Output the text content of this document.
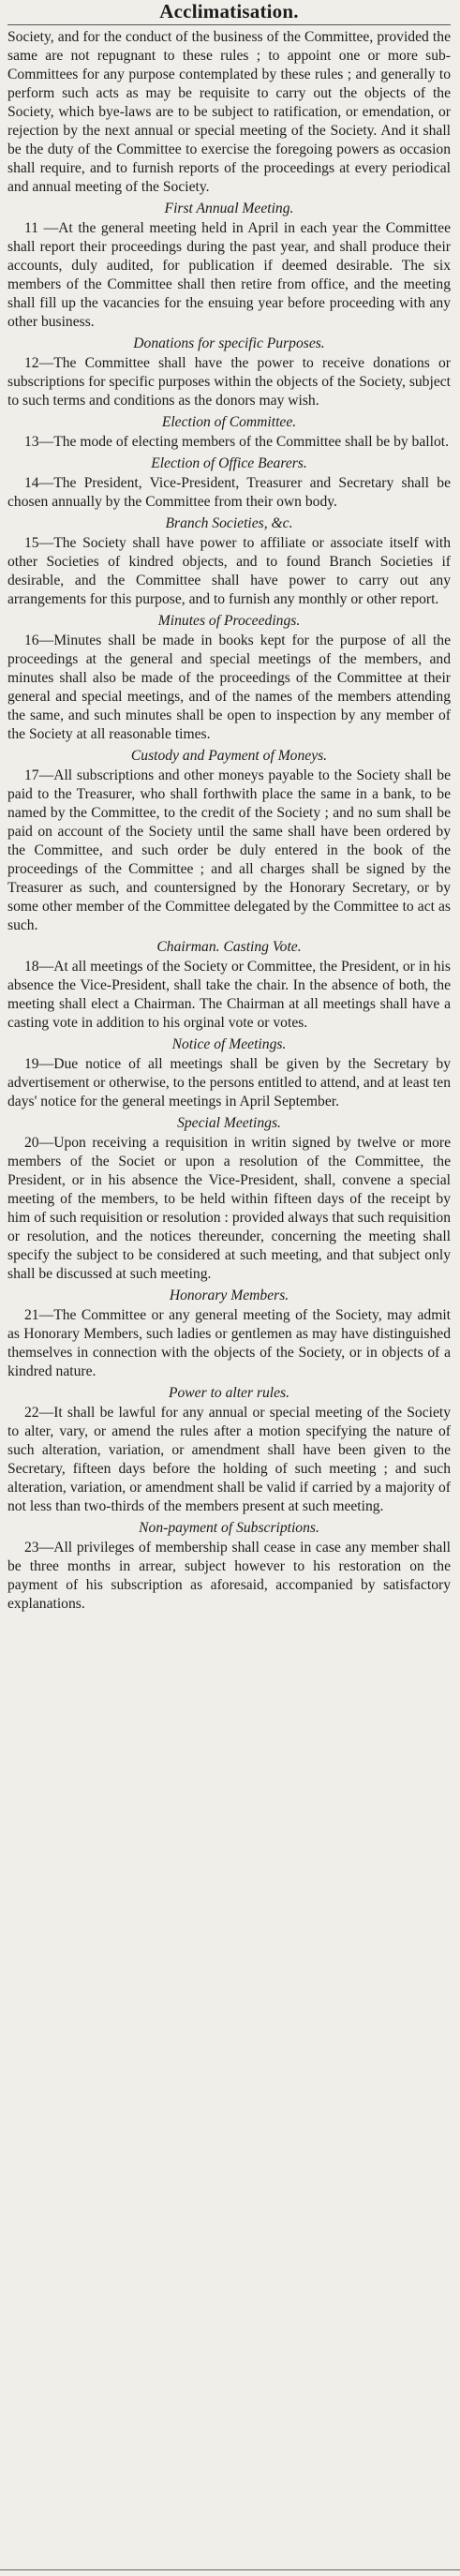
Acclimatisation.

Society, and for the conduct of the business of the Committee, provided the same are not repugnant to these rules ; to appoint one or more sub-Committees for any purpose contemplated by these rules ; and generally to perform such acts as may be requisite to carry out the objects of the Society, which bye-laws are to be subject to ratification, or emendation, or rejection by the next annual or special meeting of the Society. And it shall be the duty of the Committee to exercise the foregoing powers as occasion shall require, and to furnish reports of the proceedings at every periodical and annual meeting of the Society.

First Annual Meeting.

11 —At the general meeting held in April in each year the Committee shall report their proceedings during the past year, and shall produce their accounts, duly audited, for publication if deemed desirable. The six members of the Committee shall then retire from office, and the meeting shall fill up the vacancies for the ensuing year before proceeding with any other business.

Donations for specific Purposes.

12—The Committee shall have the power to receive donations or subscriptions for specific purposes within the objects of the Society, subject to such terms and conditions as the donors may wish.

Election of Committee.

13—The mode of electing members of the Committee shall be by ballot.

Election of Office Bearers.

14—The President, Vice-President, Treasurer and Secretary shall be chosen annually by the Committee from their own body.

Branch Societies, &c.

15—The Society shall have power to affiliate or associate itself with other Societies of kindred objects, and to found Branch Societies if desirable, and the Committee shall have power to carry out any arrangements for this purpose, and to furnish any monthly or other report.

Minutes of Proceedings.

16—Minutes shall be made in books kept for the purpose of all the proceedings at the general and special meetings of the members, and minutes shall also be made of the proceedings of the Committee at their general and special meetings, and of the names of the members attending the same, and such minutes shall be open to inspection by any member of the Society at all reasonable times.

Custody and Payment of Moneys.

17—All subscriptions and other moneys payable to the Society shall be paid to the Treasurer, who shall forthwith place the same in a bank, to be named by the Committee, to the credit of the Society ; and no sum shall be paid on account of the Society until the same shall have been ordered by the Committee, and such order be duly entered in the book of the proceedings of the Committee ; and all charges shall be signed by the Treasurer as such, and countersigned by the Honorary Secretary, or by some other member of the Committee delegated by the Committee to act as such.

Chairman. Casting Vote.

18—At all meetings of the Society or Committee, the President, or in his absence the Vice-President, shall take the chair. In the absence of both, the meeting shall elect a Chairman. The Chairman at all meetings shall have a casting vote in addition to his orginal vote or votes.

Notice of Meetings.

19—Due notice of all meetings shall be given by the Secretary by advertisement or otherwise, to the persons entitled to attend, and at least ten days' notice for the general meetings in April September.

Special Meetings.

20—Upon receiving a requisition in writin signed by twelve or more members of the Societ or upon a resolution of the Committee, the President, or in his absence the Vice-President, shall, convene a special meeting of the members, to be held within fifteen days of the receipt by him of such requisition or resolution : provided always that such requisition or resolution, and the notices thereunder, concerning the meeting shall specify the subject to be considered at such meeting, and that subject only shall be discussed at such meeting.

Honorary Members.

21—The Committee or any general meeting of the Society, may admit as Honorary Members, such ladies or gentlemen as may have distinguished themselves in connection with the objects of the Society, or in objects of a kindred nature.

Power to alter rules.

22—It shall be lawful for any annual or special meeting of the Society to alter, vary, or amend the rules after a motion specifying the nature of such alteration, variation, or amendment shall have been given to the Secretary, fifteen days before the holding of such meeting ; and such alteration, variation, or amendment shall be valid if carried by a majority of not less than two-thirds of the members present at such meeting.

Non-payment of Subscriptions.

23—All privileges of membership shall cease in case any member shall be three months in arrear, subject however to his restoration on the payment of his subscription as aforesaid, accompanied by satisfactory explanations.
